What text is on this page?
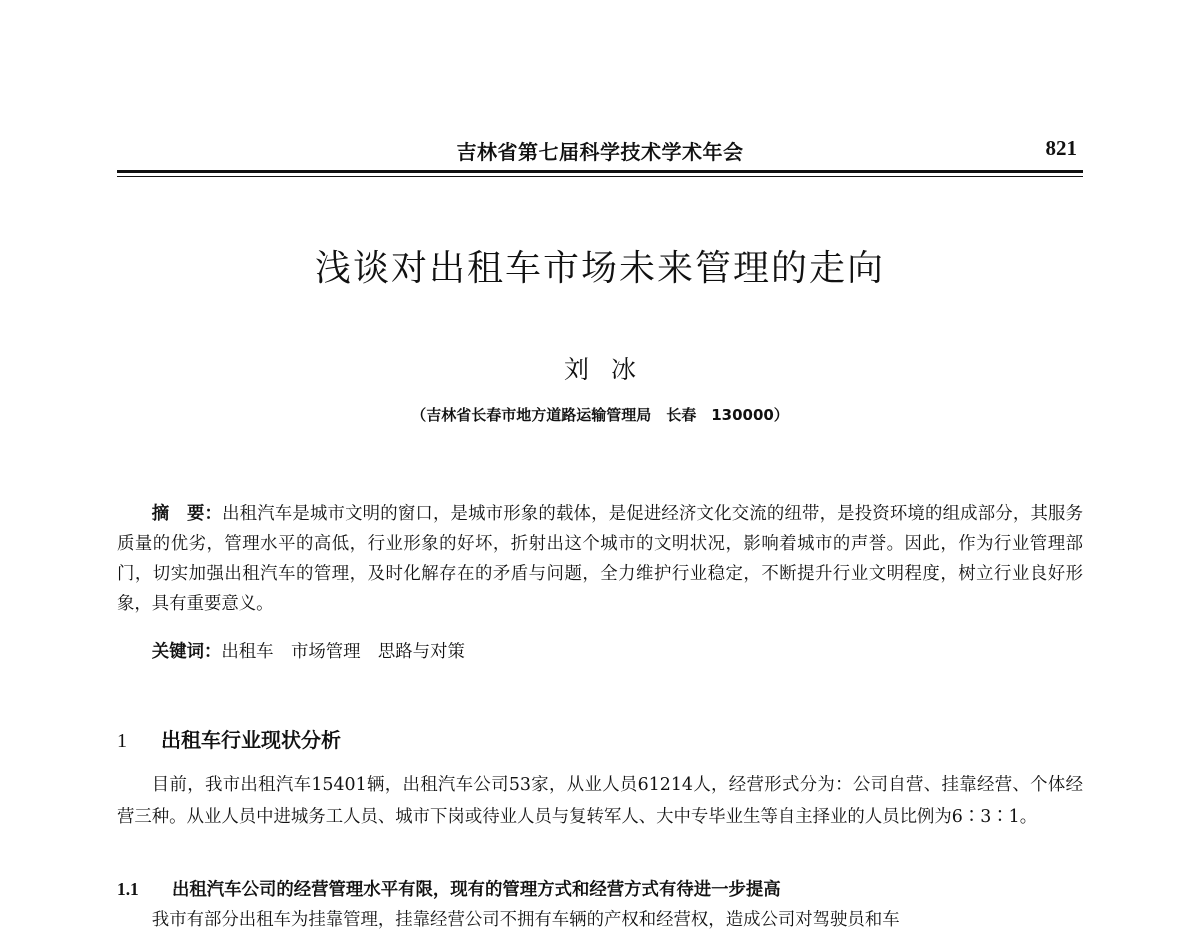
吉林省第七届科学技术学术年会	821
浅谈对出租车市场未来管理的走向
刘冰
（吉林省长春市地方道路运输管理局　长春　130000）

摘　要：出租汽车是城市文明的窗口，是城市形象的载体，是促进经济文化交流的纽带，是投资环境的组成部分，其服务质量的优劣，管理水平的高低，行业形象的好坏，折射出这个城市的文明状况，影响着城市的声誉。因此，作为行业管理部门，切实加强出租汽车的管理，及时化解存在的矛盾与问题，全力维护行业稳定，不断提升行业文明程度，树立行业良好形象，具有重要意义。

关键词：出租车　市场管理　思路与对策

1 出租车行业现状分析

目前，我市出租汽车15401辆，出租汽车公司53家，从业人员61214人，经营形式分为：公司自营、挂靠经营、个体经营三种。从业人员中进城务工人员、城市下岗或待业人员与复转军人、大中专毕业生等自主择业的人员比例为6∶3∶1。

1.1 出租汽车公司的经营管理水平有限，现有的管理方式和经营方式有待进一步提高

我市有部分出租车为挂靠管理，挂靠经营公司不拥有车辆的产权和经营权，造成公司对驾驶员和车
